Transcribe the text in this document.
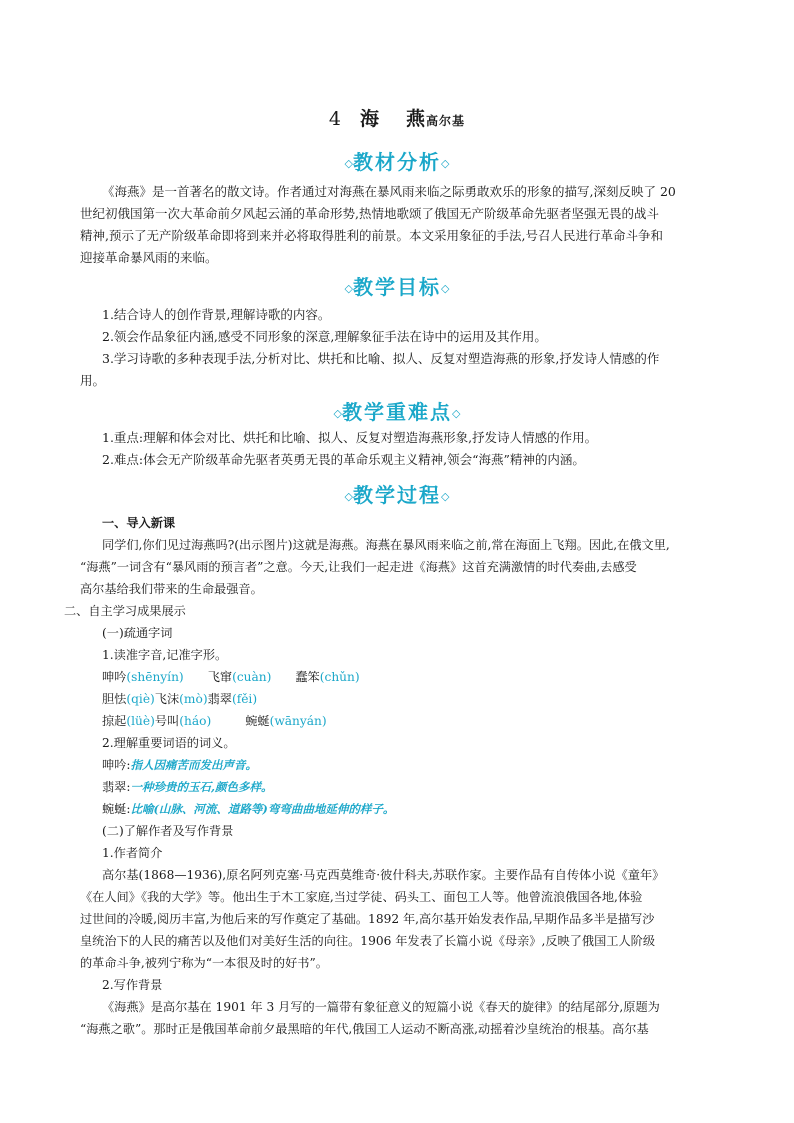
4 海 燕高尔基
◇教材分析◇
《海燕》是一首著名的散文诗。作者通过对海燕在暴风雨来临之际勇敢欢乐的形象的描写,深刻反映了 20
世纪初俄国第一次大革命前夕风起云涌的革命形势,热情地歌颂了俄国无产阶级革命先驱者坚强无畏的战斗
精神,预示了无产阶级革命即将到来并必将取得胜利的前景。本文采用象征的手法,号召人民进行革命斗争和
迎接革命暴风雨的来临。
◇教学目标◇
1.结合诗人的创作背景,理解诗歌的内容。
2.领会作品象征内涵,感受不同形象的深意,理解象征手法在诗中的运用及其作用。
3.学习诗歌的多种表现手法,分析对比、烘托和比喻、拟人、反复对塑造海燕的形象,抒发诗人情感的作
用。
◇教学重难点◇
1.重点:理解和体会对比、烘托和比喻、拟人、反复对塑造海燕形象,抒发诗人情感的作用。
2.难点:体会无产阶级革命先驱者英勇无畏的革命乐观主义精神,领会“海燕”精神的内涵。
◇教学过程◇
一、导入新课
同学们,你们见过海燕吗?(出示图片)这就是海燕。海燕在暴风雨来临之前,常在海面上飞翔。因此,在俄文里,
“海燕”一词含有“暴风雨的预言者”之意。今天,让我们一起走进《海燕》这首充满激情的时代奏曲,去感受
高尔基给我们带来的生命最强音。
二、自主学习成果展示
(一)疏通字词
1.读准字音,记准字形。
呻吟(shēnyín) 飞窜(cuàn) 蠢笨(chǔn)
胆怯(qiè)飞沫(mò)翡翠(fěi)
掠起(lüè)号叫(háo)	蜿蜒(wānyán)
2.理解重要词语的词义。
呻吟:指人因痛苦而发出声音。
翡翠:一种珍贵的玉石,颜色多样。
蜿蜒:比喻(山脉、河流、道路等)弯弯曲曲地延伸的样子。
(二)了解作者及写作背景
1.作者简介
高尔基(1868—1936),原名阿列克塞·马克西莫维奇·彼什科夫,苏联作家。主要作品有自传体小说《童年》
《在人间》《我的大学》等。他出生于木工家庭,当过学徒、码头工、面包工人等。他曾流浪俄国各地,体验
过世间的冷暖,阅历丰富,为他后来的写作奠定了基础。1892 年,高尔基开始发表作品,早期作品多半是描写沙
皇统治下的人民的痛苦以及他们对美好生活的向往。1906 年发表了长篇小说《母亲》,反映了俄国工人阶级
的革命斗争,被列宁称为“一本很及时的好书”。
2.写作背景
《海燕》是高尔基在 1901 年 3 月写的一篇带有象征意义的短篇小说《春天的旋律》的结尾部分,原题为
“海燕之歌”。那时正是俄国革命前夕最黑暗的年代,俄国工人运动不断高涨,动摇着沙皇统治的根基。高尔基
